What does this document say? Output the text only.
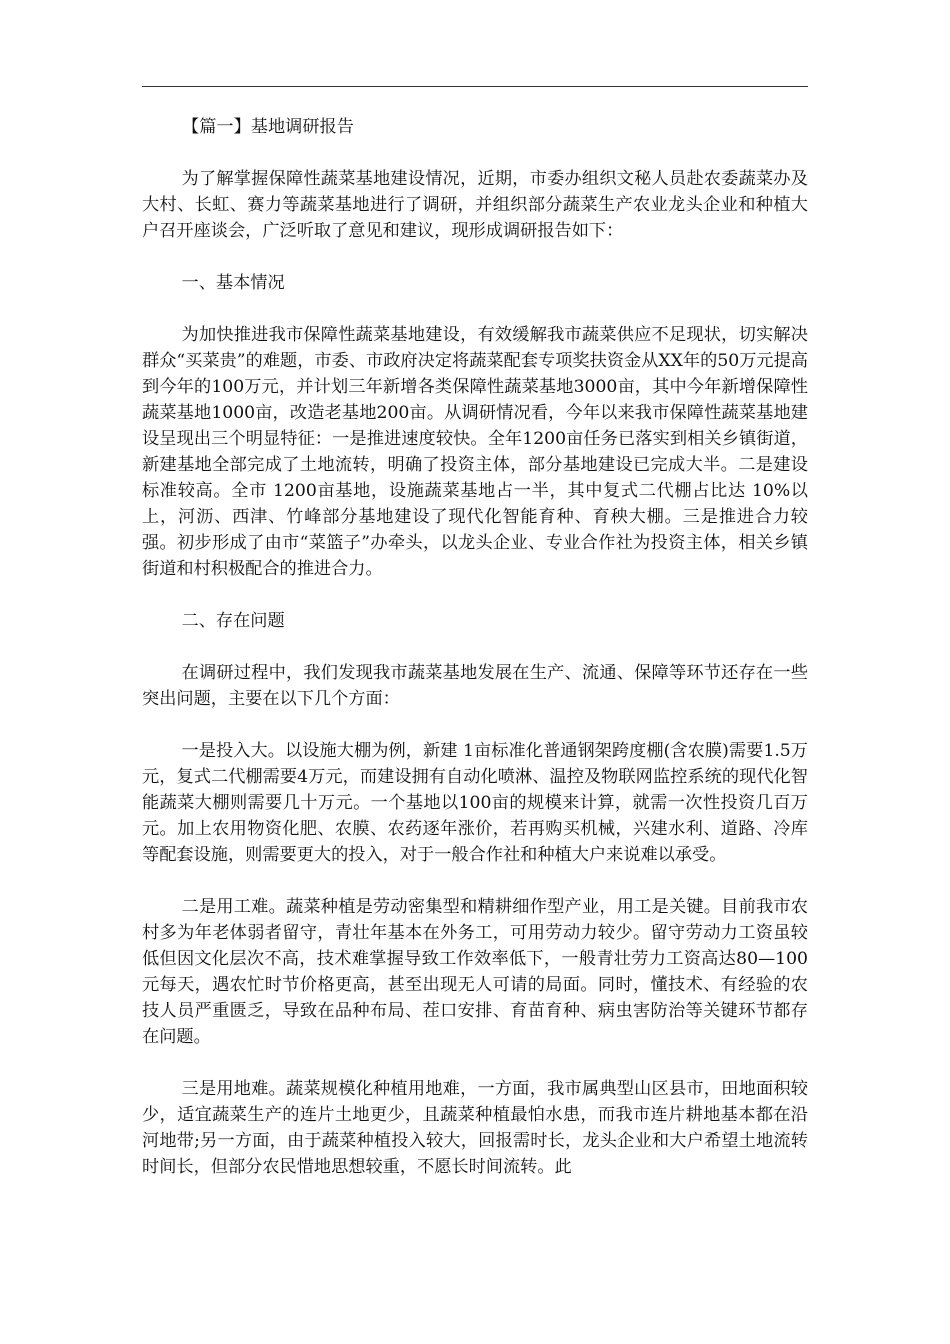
【篇一】基地调研报告

为了解掌握保障性蔬菜基地建设情况，近期，市委办组织文秘人员赴农委蔬菜办及大村、长虹、赛力等蔬菜基地进行了调研，并组织部分蔬菜生产农业龙头企业和种植大户召开座谈会，广泛听取了意见和建议，现形成调研报告如下：

一、基本情况

为加快推进我市保障性蔬菜基地建设，有效缓解我市蔬菜供应不足现状，切实解决群众“买菜贵”的难题，市委、市政府决定将蔬菜配套专项奖扶资金从XX年的50万元提高到今年的100万元，并计划三年新增各类保障性蔬菜基地3000亩，其中今年新增保障性蔬菜基地1000亩，改造老基地200亩。从调研情况看，今年以来我市保障性蔬菜基地建设呈现出三个明显特征：一是推进速度较快。全年1200亩任务已落实到相关乡镇街道，新建基地全部完成了土地流转，明确了投资主体，部分基地建设已完成大半。二是建设标准较高。全市 1200亩基地，设施蔬菜基地占一半，其中复式二代棚占比达 10%以上，河沥、西津、竹峰部分基地建设了现代化智能育种、育秧大棚。三是推进合力较强。初步形成了由市“菜篮子”办牵头，以龙头企业、专业合作社为投资主体，相关乡镇街道和村积极配合的推进合力。

二、存在问题

在调研过程中，我们发现我市蔬菜基地发展在生产、流通、保障等环节还存在一些突出问题，主要在以下几个方面：

一是投入大。以设施大棚为例，新建 1亩标准化普通钢架跨度棚(含农膜)需要1.5万元，复式二代棚需要4万元，而建设拥有自动化喷淋、温控及物联网监控系统的现代化智能蔬菜大棚则需要几十万元。一个基地以100亩的规模来计算，就需一次性投资几百万元。加上农用物资化肥、农膜、农药逐年涨价，若再购买机械，兴建水利、道路、冷库等配套设施，则需要更大的投入，对于一般合作社和种植大户来说难以承受。

二是用工难。蔬菜种植是劳动密集型和精耕细作型产业，用工是关键。目前我市农村多为年老体弱者留守，青壮年基本在外务工，可用劳动力较少。留守劳动力工资虽较低但因文化层次不高，技术难掌握导致工作效率低下，一般青壮劳力工资高达80—100元每天，遇农忙时节价格更高，甚至出现无人可请的局面。同时，懂技术、有经验的农技人员严重匮乏，导致在品种布局、茬口安排、育苗育种、病虫害防治等关键环节都存在问题。

三是用地难。蔬菜规模化种植用地难，一方面，我市属典型山区县市，田地面积较少，适宜蔬菜生产的连片土地更少，且蔬菜种植最怕水患，而我市连片耕地基本都在沿河地带;另一方面，由于蔬菜种植投入较大，回报需时长，龙头企业和大户希望土地流转时间长，但部分农民惜地思想较重，不愿长时间流转。此
